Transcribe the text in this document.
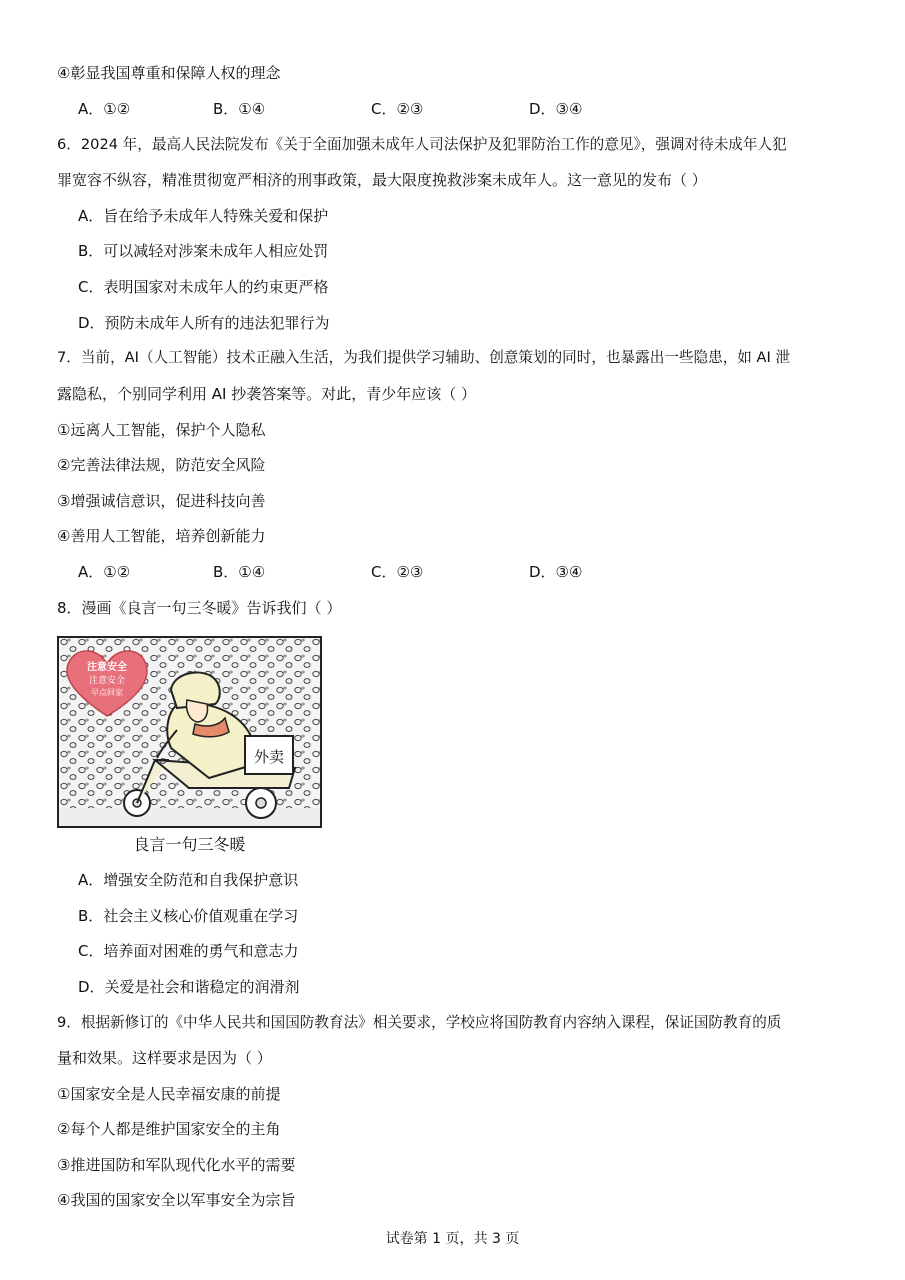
④彰显我国尊重和保障人权的理念
A．①②	B．①④	C．②③	D．③④
6．2024 年，最高人民法院发布《关于全面加强未成年人司法保护及犯罪防治工作的意见》，强调对待未成年人犯
罪宽容不纵容，精准贯彻宽严相济的刑事政策，最大限度挽救涉案未成年人。这一意见的发布（ ）
A．旨在给予未成年人特殊关爱和保护
B．可以减轻对涉案未成年人相应处罚
C．表明国家对未成年人的约束更严格
D．预防未成年人所有的违法犯罪行为
7．当前，AI（人工智能）技术正融入生活，为我们提供学习辅助、创意策划的同时，也暴露出一些隐患，如 AI 泄
露隐私，个别同学利用 AI 抄袭答案等。对此，青少年应该（ ）
①远离人工智能，保护个人隐私
②完善法律法规，防范安全风险
③增强诚信意识，促进科技向善
④善用人工智能，培养创新能力
A．①②	B．①④	C．②③	D．③④
8．漫画《良言一句三冬暖》告诉我们（ ）
注意安全
注意安全
早点回家
外卖
良言一句三冬暖
A．增强安全防范和自我保护意识
B．社会主义核心价值观重在学习
C．培养面对困难的勇气和意志力
D．关爱是社会和谐稳定的润滑剂
9．根据新修订的《中华人民共和国国防教育法》相关要求，学校应将国防教育内容纳入课程，保证国防教育的质
量和效果。这样要求是因为（ ）
①国家安全是人民幸福安康的前提
②每个人都是维护国家安全的主角
③推进国防和军队现代化水平的需要
④我国的国家安全以军事安全为宗旨
试卷第 1 页，共 3 页
